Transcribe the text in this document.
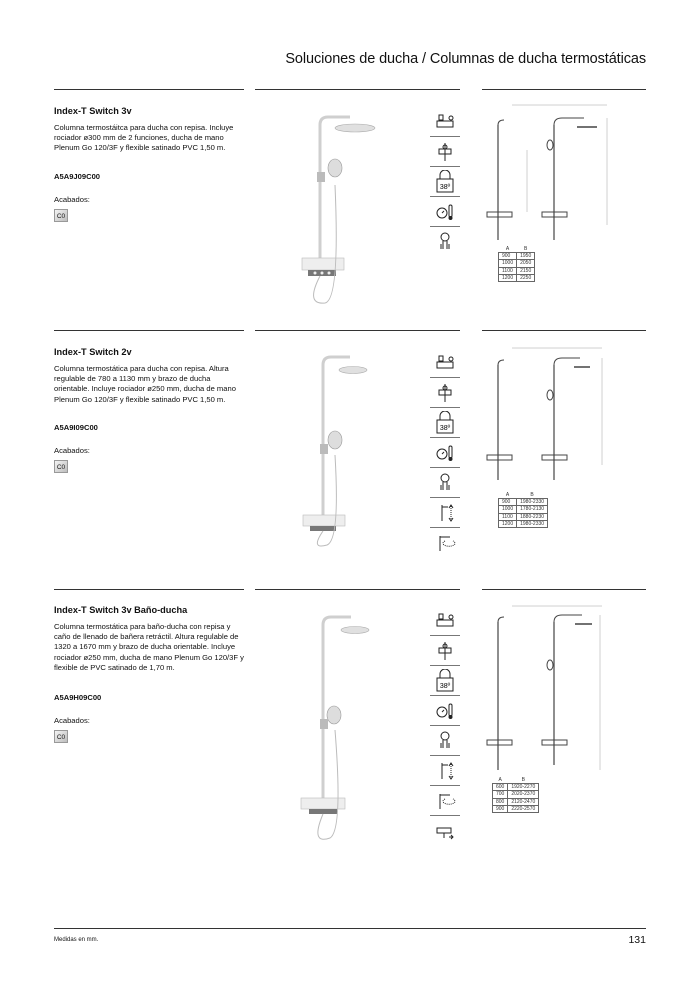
Soluciones de ducha / Columnas de ducha termostáticas
Index-T Switch 3v
Columna termostáitca para ducha con repisa. Incluye rociador ø300 mm de 2 funciones, ducha de mano Plenum Go 120/3F y flexible satinado PVC 1,50 m.
A5A9J09C00
Acabados:
C0
38º
A	B
900	1950
1000	2050
1100	2150
1200	2250
Index-T Switch 2v
Columna termostática para ducha con repisa. Altura regulable de 780 a 1130 mm y brazo de ducha orientable. Incluye rociador ø250 mm, ducha de mano Plenum Go 120/3F y flexible satinado PVC 1,50 m.
A5A9I09C00
Acabados:
C0
38º
A	B
900	1980-2330
1000	1780-2130
1100	1880-2230
1200	1980-2330
Index-T Switch 3v Baño-ducha
Columna termostática para baño-ducha con repisa y caño de llenado de bañera retráctil. Altura regulable de 1320 a 1670 mm y brazo de ducha orientable. Incluye rociador ø250 mm, ducha de mano Plenum Go 120/3F y flexible de PVC satinado de 1,70 m.
A5A9H09C00
Acabados:
C0
38º
A	B
600	1920-2270
700	2020-2370
800	2120-2470
900	2220-2570
Medidas en mm.	131
